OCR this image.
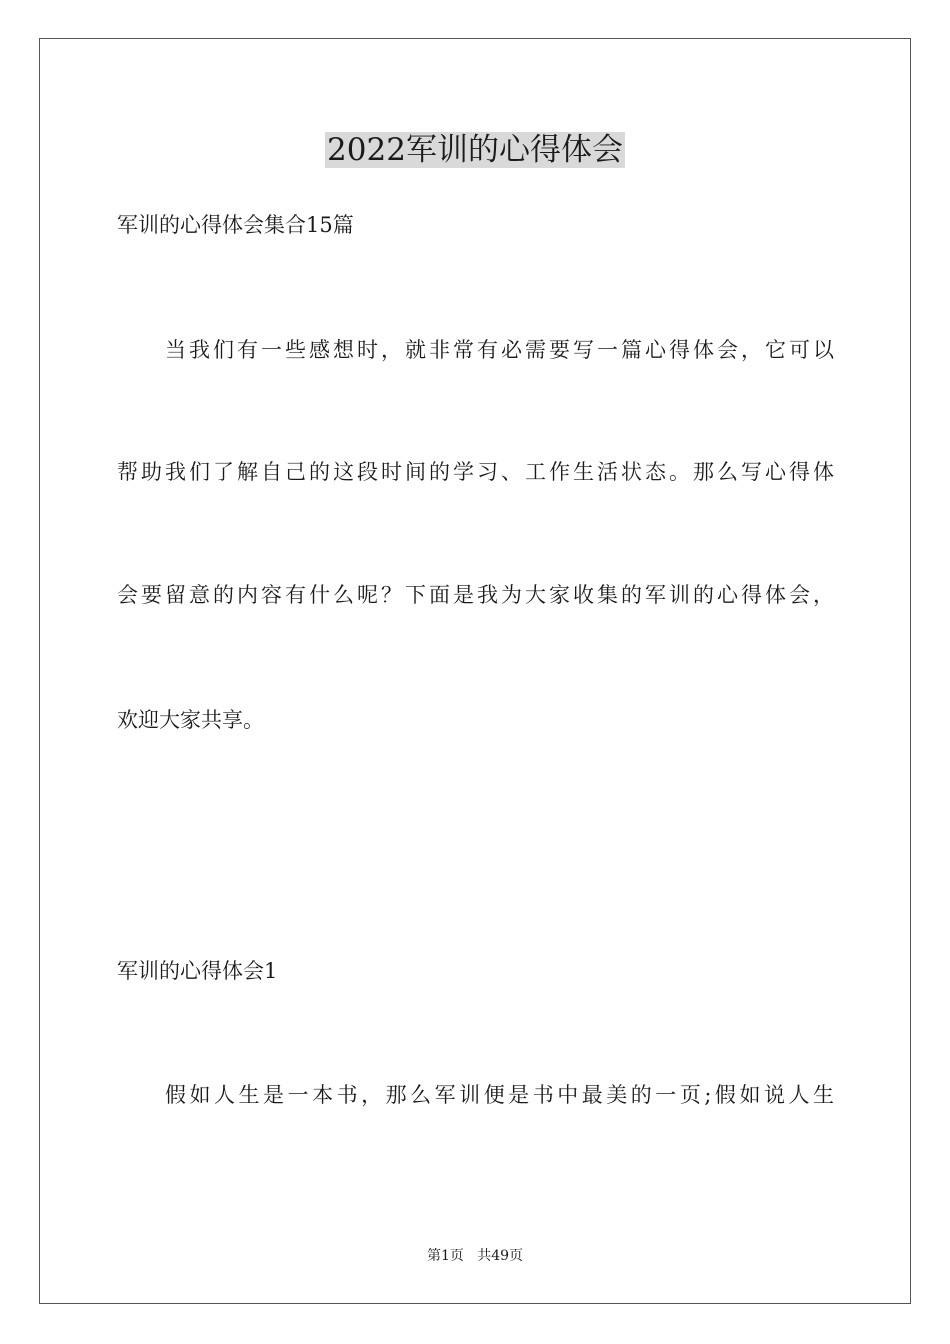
2022军训的心得体会
军训的心得体会集合15篇
当我们有一些感想时，就非常有必需要写一篇心得体会，它可以
帮助我们了解自己的这段时间的学习、工作生活状态。那么写心得体
会要留意的内容有什么呢？下面是我为大家收集的军训的心得体会，
欢迎大家共享。
军训的心得体会1
假如人生是一本书，那么军训便是书中最美的一页;假如说人生
第1页   共49页
